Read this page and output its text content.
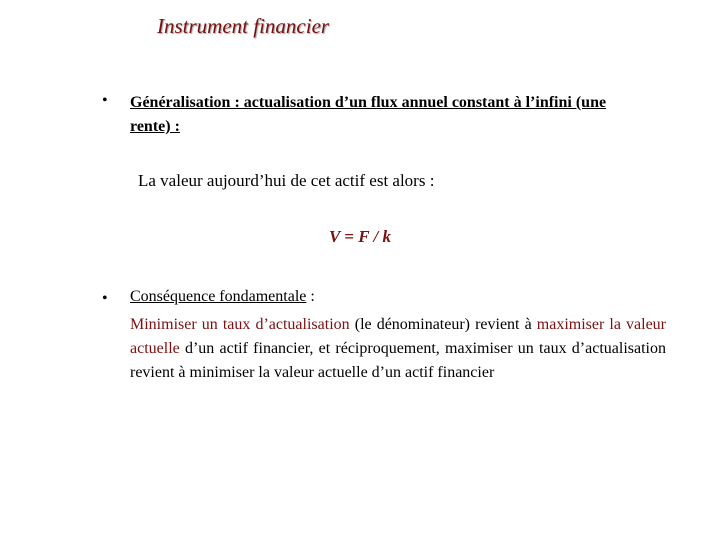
Instrument financier
• Généralisation : actualisation d’un flux annuel constant à l’infini (une rente) :
La valeur aujourd’hui de cet actif est alors :
V = F / k
• Conséquence fondamentale :
Minimiser un taux d’actualisation (le dénominateur) revient à maximiser la valeur actuelle d’un actif financier, et réciproquement, maximiser un taux d’actualisation revient à minimiser la valeur actuelle d’un actif financier
